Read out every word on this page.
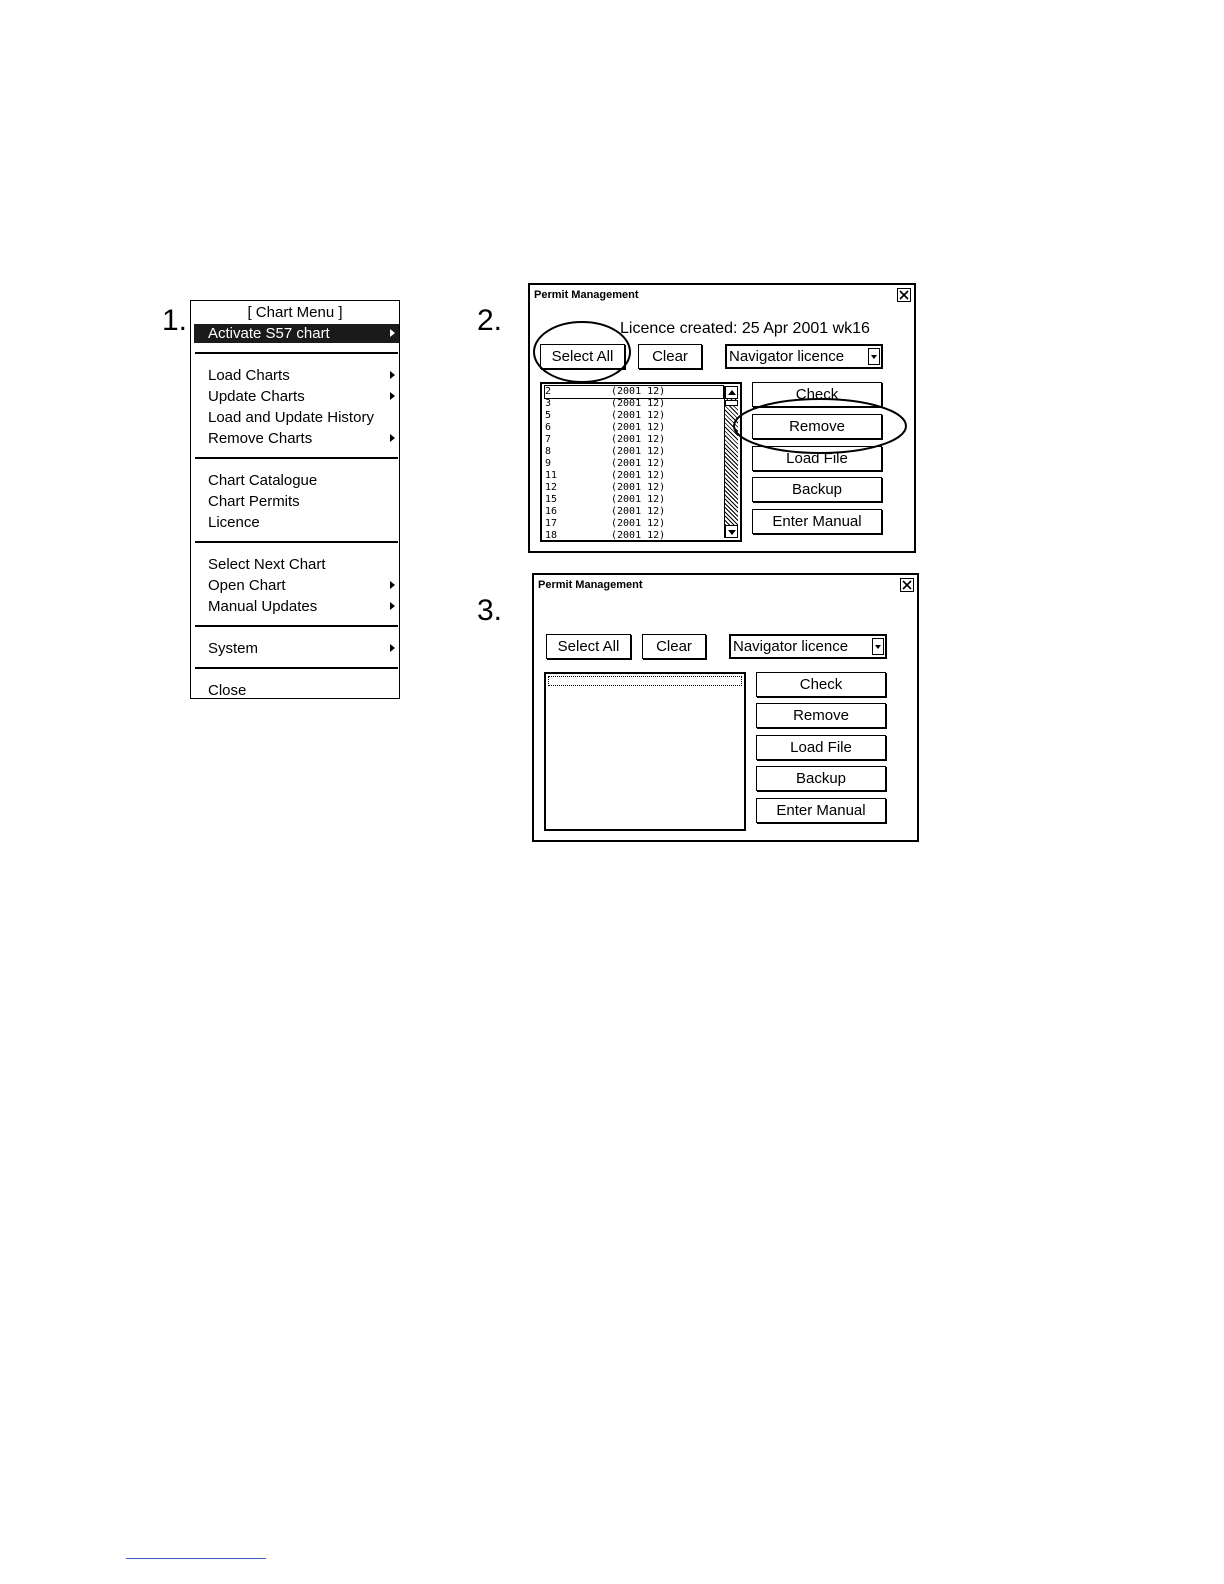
1.	2.
3.
[ Chart Menu ]
Activate S57 chart
Load Charts
Update Charts
Load and Update History
Remove Charts
Chart Catalogue
Chart Permits
Licence
Select Next Chart
Open Chart
Manual Updates
System
Close
Permit Management
Licence created: 25 Apr 2001 wk16
Select All	Clear	Navigator licence
2	(2001 12)
3	(2001 12)
5	(2001 12)
6	(2001 12)
7	(2001 12)
8	(2001 12)
9	(2001 12)
11	(2001 12)
12	(2001 12)
15	(2001 12)
16	(2001 12)
17	(2001 12)
18	(2001 12)
Check
Remove
Load File
Backup
Enter Manual
Permit Management
Select All	Clear	Navigator licence
Check
Remove
Load File
Backup
Enter Manual
